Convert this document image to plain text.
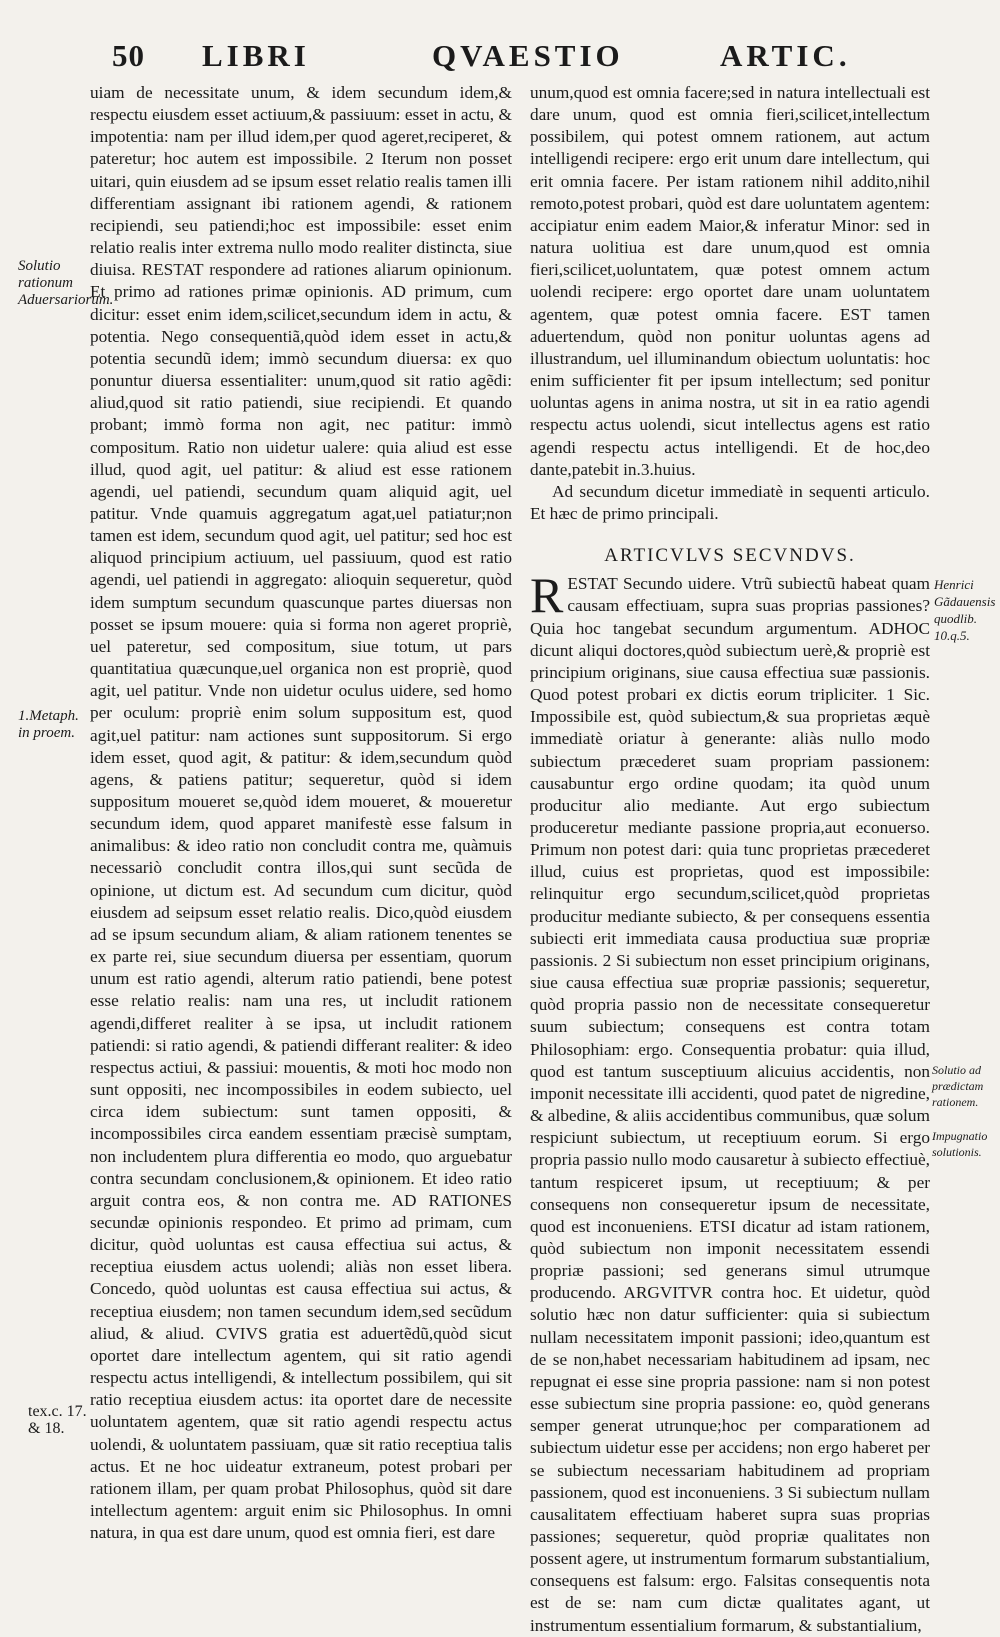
50 LIBRI	QVAESTIO	ARTIC.

uiam de necessitate unum, & idem secundum idem,& respectu eiusdem esset actiuum,& passiuum: esset in actu, & impotentia: nam per illud idem,per quod ageret,reciperet, & pateretur; hoc autem est impossibile. 2 Iterum non posset uitari, quin eiusdem ad se ipsum esset relatio realis tamen illi differentiam assignant ibi rationem agendi, & rationem recipiendi, seu patiendi;hoc est impossibile: esset enim relatio realis inter extrema nullo modo realiter distincta, siue diuisa. RESTAT respondere ad rationes aliarum opinionum. Et primo ad rationes primæ opinionis. AD primum, cum dicitur: esset enim idem,scilicet,secundum idem in actu, & potentia. Nego consequentiã,quòd idem esset in actu,& potentia secundũ idem; immò secundum diuersa: ex quo ponuntur diuersa essentialiter: unum,quod sit ratio agẽdi: aliud,quod sit ratio patiendi, siue recipiendi. Et quando probant; immò forma non agit, nec patitur: immò compositum. Ratio non uidetur ualere: quia aliud est esse illud, quod agit, uel patitur: & aliud est esse rationem agendi, uel patiendi, secundum quam aliquid agit, uel patitur. Vnde quamuis aggregatum agat,uel patiatur;non tamen est idem, secundum quod agit, uel patitur; sed hoc est aliquod principium actiuum, uel passiuum, quod est ratio agendi, uel patiendi in aggregato: alioquin sequeretur, quòd idem sumptum secundum quascunque partes diuersas non posset se ipsum mouere: quia si forma non ageret propriè, uel pateretur, sed compositum, siue totum, ut pars quantitatiua quæcunque,uel organica non est propriè, quod agit, uel patitur. Vnde non uidetur oculus uidere, sed homo per oculum: propriè enim solum suppositum est, quod agit,uel patitur: nam actiones sunt suppositorum. Si ergo idem esset, quod agit, & patitur: & idem,secundum quòd agens, & patiens patitur; sequeretur, quòd si idem suppositum moueret se,quòd idem moueret, & moueretur secundum idem, quod apparet manifestè esse falsum in animalibus: & ideo ratio non concludit contra me, quàmuis necessariò concludit contra illos,qui sunt secũda de opinione, ut dictum est. Ad secundum cum dicitur, quòd eiusdem ad seipsum esset relatio realis. Dico,quòd eiusdem ad se ipsum secundum aliam, & aliam rationem tenentes se ex parte rei, siue secundum diuersa per essentiam, quorum unum est ratio agendi, alterum ratio patiendi, bene potest esse relatio realis: nam una res, ut includit rationem agendi,differet realiter à se ipsa, ut includit rationem patiendi: si ratio agendi, & patiendi differant realiter: & ideo respectus actiui, & passiui: mouentis, & moti hoc modo non sunt oppositi, nec incompossibiles in eodem subiecto, uel circa idem subiectum: sunt tamen oppositi, & incompossibiles circa eandem essentiam præcisè sumptam, non includentem plura differentia eo modo, quo arguebatur contra secundam conclusionem,& opinionem. Et ideo ratio arguit contra eos, & non contra me. AD RATIONES secundæ opinionis respondeo. Et primo ad primam, cum dicitur, quòd uoluntas est causa effectiua sui actus, & receptiua eiusdem actus uolendi; aliàs non esset libera. Concedo, quòd uoluntas est causa effectiua sui actus, & receptiua eiusdem; non tamen secundum idem,sed secũdum aliud, & aliud. CVIVS gratia est aduertẽdũ,quòd sicut oportet dare intellectum agentem, qui sit ratio agendi respectu actus intelligendi, & intellectum possibilem, qui sit ratio receptiua eiusdem actus: ita oportet dare de necessite uoluntatem agentem, quæ sit ratio agendi respectu actus uolendi, & uoluntatem passiuam, quæ sit ratio receptiua talis actus. Et ne hoc uideatur extraneum, potest probari per rationem illam, per quam probat Philosophus, quòd sit dare intellectum agentem: arguit enim sic Philosophus. In omni natura, in qua est dare unum, quod est omnia fieri, est dare

unum,quod est omnia facere;sed in natura intellectuali est dare unum, quod est omnia fieri,scilicet,intellectum possibilem, qui potest omnem rationem, aut actum intelligendi recipere: ergo erit unum dare intellectum, qui erit omnia facere. Per istam rationem nihil addito,nihil remoto,potest probari, quòd est dare uoluntatem agentem: accipiatur enim eadem Maior,& inferatur Minor: sed in natura uolitiua est dare unum,quod est omnia fieri,scilicet,uoluntatem, quæ potest omnem actum uolendi recipere: ergo oportet dare unam uoluntatem agentem, quæ potest omnia facere. EST tamen aduertendum, quòd non ponitur uoluntas agens ad illustrandum, uel illuminandum obiectum uoluntatis: hoc enim sufficienter fit per ipsum intellectum; sed ponitur uoluntas agens in anima nostra, ut sit in ea ratio agendi respectu actus uolendi, sicut intellectus agens est ratio agendi respectu actus intelligendi. Et de hoc,deo dante,patebit in.3.huius.

Ad secundum dicetur immediatè in sequenti articulo. Et hæc de primo principali.

ARTICVLVS SECVNDVS.

RESTAT Secundo uidere. Vtrũ subiectũ habeat quam causam effectiuam, supra suas proprias passiones? Quia hoc tangebat secundum argumentum. ADHOC dicunt aliqui doctores,quòd subiectum uerè,& propriè est principium originans, siue causa effectiua suæ passionis. Quod potest probari ex dictis eorum tripliciter. 1 Sic. Impossibile est, quòd subiectum,& sua proprietas æquè immediatè oriatur à generante: aliàs nullo modo subiectum præcederet suam propriam passionem: causabuntur ergo ordine quodam; ita quòd unum producitur alio mediante. Aut ergo subiectum produceretur mediante passione propria,aut econuerso. Primum non potest dari: quia tunc proprietas præcederet illud, cuius est proprietas, quod est impossibile: relinquitur ergo secundum,scilicet,quòd proprietas producitur mediante subiecto, & per consequens essentia subiecti erit immediata causa productiua suæ propriæ passionis. 2 Si subiectum non esset principium originans, siue causa effectiua suæ propriæ passionis; sequeretur, quòd propria passio non de necessitate consequeretur suum subiectum; consequens est contra totam Philosophiam: ergo. Consequentia probatur: quia illud, quod est tantum susceptiuum alicuius accidentis, non imponit necessitate illi accidenti, quod patet de nigredine, & albedine, & aliis accidentibus communibus, quæ solum respiciunt subiectum, ut receptiuum eorum. Si ergo propria passio nullo modo causaretur à subiecto effectiuè, tantum respiceret ipsum, ut receptiuum; & per consequens non consequeretur ipsum de necessitate, quod est inconueniens. ETSI dicatur ad istam rationem, quòd subiectum non imponit necessitatem essendi propriæ passioni; sed generans simul utrumque producendo. ARGVITVR contra hoc. Et uidetur, quòd solutio hæc non datur sufficienter: quia si subiectum nullam necessitatem imponit passioni; ideo,quantum est de se non,habet necessariam habitudinem ad ipsam, nec repugnat ei esse sine propria passione: nam si non potest esse subiectum sine propria passione: eo, quòd generans semper generat utrunque;hoc per comparationem ad subiectum uidetur esse per accidens; non ergo haberet per se subiectum necessariam habitudinem ad propriam passionem, quod est inconueniens. 3 Si subiectum nullam causalitatem effectiuam haberet supra suas proprias passiones; sequeretur, quòd propriæ qualitates non possent agere, ut instrumentum formarum substantialium, consequens est falsum: ergo. Falsitas consequentis nota est de se: nam cum dictæ qualitates agant, ut instrumentum essentialium formarum, & substantialium,

Solutio rationum Aduersariorum.
1.Metaph. in proem.
tex.c. 17. & 18.
Henrici Gãdauensis quodlib. 10.q.5.
Solutio ad prædictam rationem.
Impugnatio solutionis.
